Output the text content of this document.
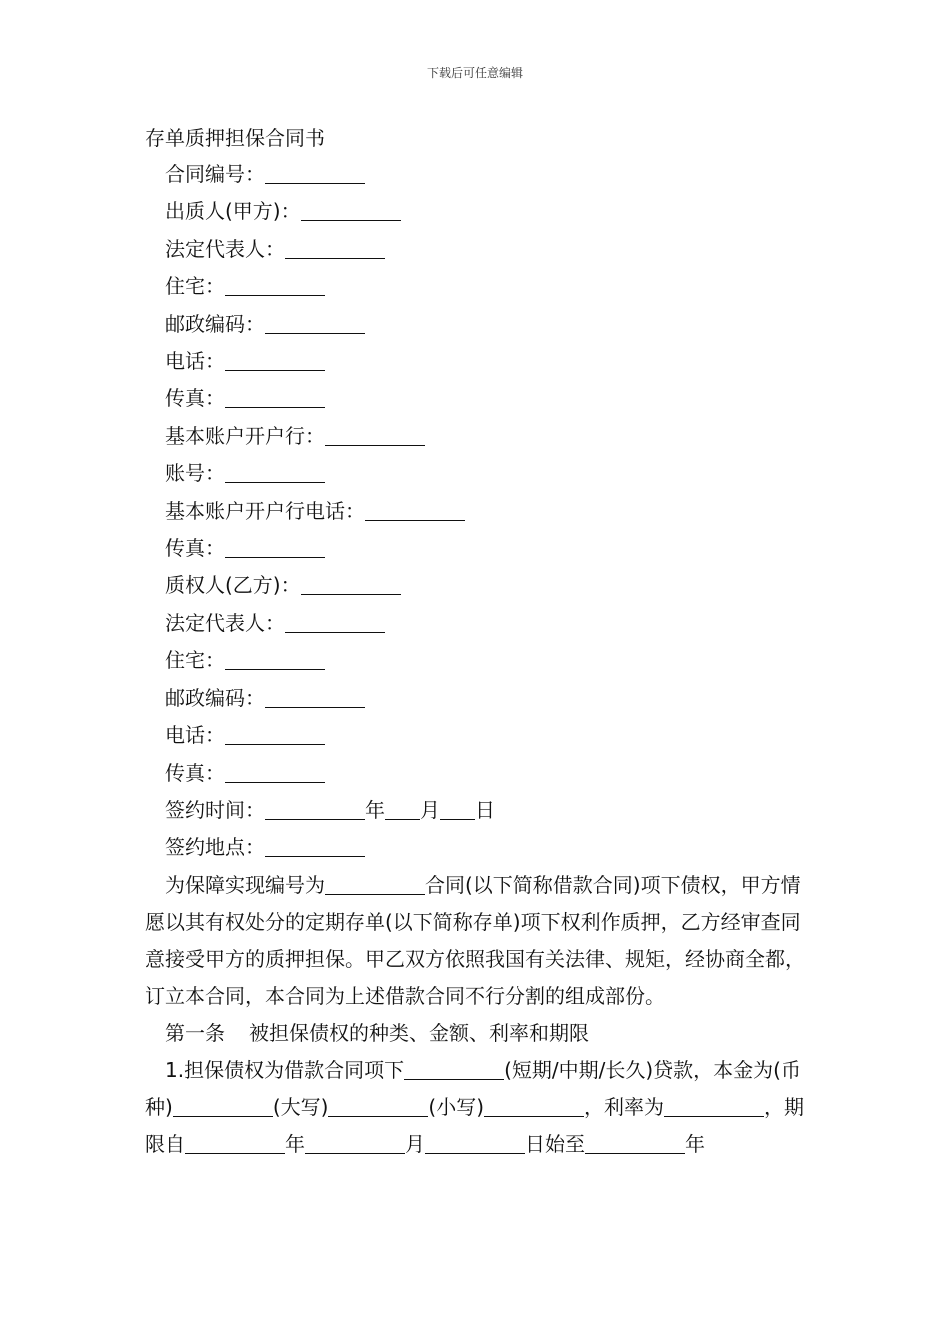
下载后可任意编辑
存单质押担保合同书
合同编号：
出质人(甲方)：
法定代表人：
住宅：
邮政编码：
电话：
传真：
基本账户开户行：
账号：
基本账户开户行电话：
传真：
质权人(乙方)：
法定代表人：
住宅：
邮政编码：
电话：
传真：
签约时间：	年 月 日
签约地点：

为保障实现编号为	合同(以下简称借款合同)项下债权，甲方情愿以其有权处分的定期存单(以下简称存单)项下权利作质押，乙方经审查同意接受甲方的质押担保。甲乙双方依照我国有关法律、规矩，经协商全都，订立本合同，本合同为上述借款合同不行分割的组成部份。

第一条 被担保债权的种类、金额、利率和期限

1.担保债权为借款合同项下	(短期/中期/长久)贷款，本金为(币种)	(大写)	(小写)	，利率为	，期限自	年	月	日始至	年
